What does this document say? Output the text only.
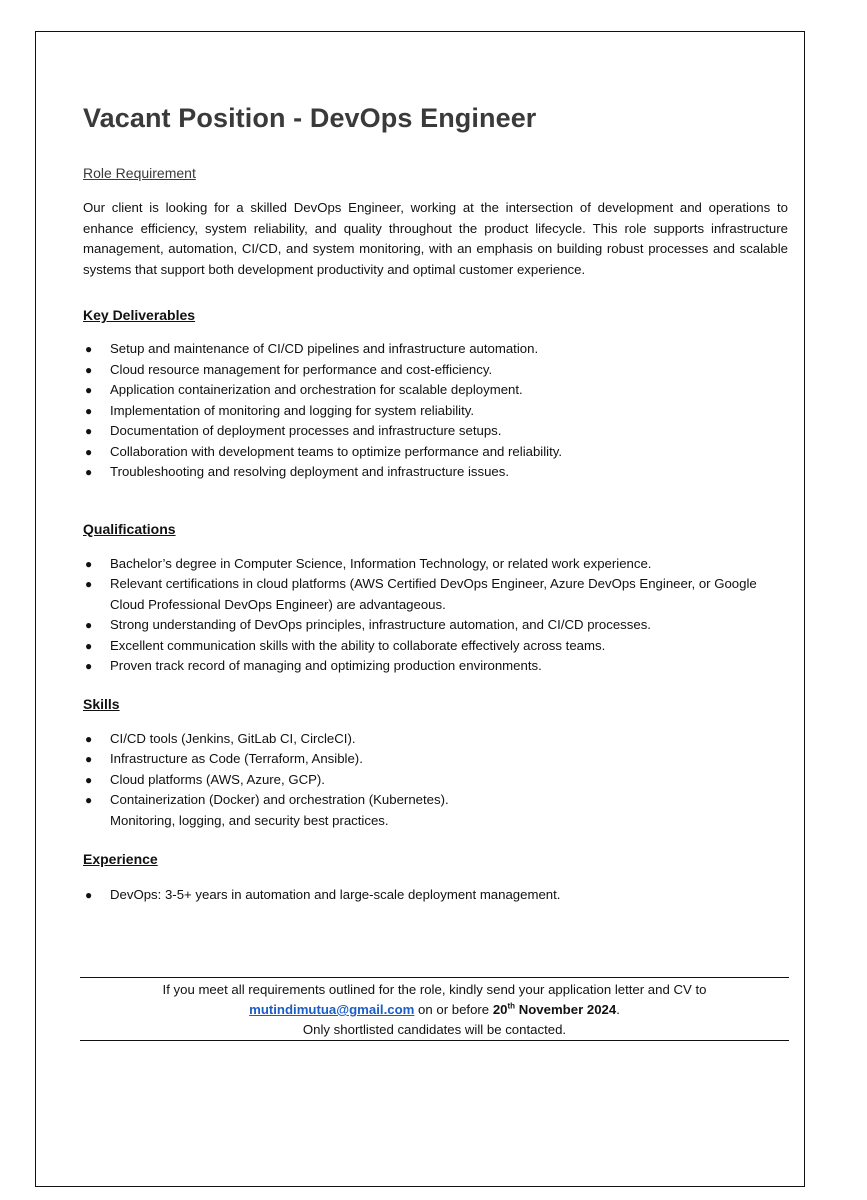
Vacant Position - DevOps Engineer
Role Requirement

Our client is looking for a skilled DevOps Engineer, working at the intersection of development and operations to enhance efficiency, system reliability, and quality throughout the product lifecycle. This role supports infrastructure management, automation, CI/CD, and system monitoring, with an emphasis on building robust processes and scalable systems that support both development productivity and optimal customer experience.

Key Deliverables
● Setup and maintenance of CI/CD pipelines and infrastructure automation.
● Cloud resource management for performance and cost-efficiency.
● Application containerization and orchestration for scalable deployment.
● Implementation of monitoring and logging for system reliability.
● Documentation of deployment processes and infrastructure setups.
● Collaboration with development teams to optimize performance and reliability.
● Troubleshooting and resolving deployment and infrastructure issues.
Qualifications
● Bachelor’s degree in Computer Science, Information Technology, or related work experience.
● Relevant certifications in cloud platforms (AWS Certified DevOps Engineer, Azure DevOps Engineer, or Google Cloud Professional DevOps Engineer) are advantageous.
● Strong understanding of DevOps principles, infrastructure automation, and CI/CD processes.
● Excellent communication skills with the ability to collaborate effectively across teams.
● Proven track record of managing and optimizing production environments.
Skills
● CI/CD tools (Jenkins, GitLab CI, CircleCI).
● Infrastructure as Code (Terraform, Ansible).
● Cloud platforms (AWS, Azure, GCP).
● Containerization (Docker) and orchestration (Kubernetes).
Monitoring, logging, and security best practices.
Experience
● DevOps: 3-5+ years in automation and large-scale deployment management.
If you meet all requirements outlined for the role, kindly send your application letter and CV to
mutindimutua@gmail.com on or before 20th November 2024.
Only shortlisted candidates will be contacted.
